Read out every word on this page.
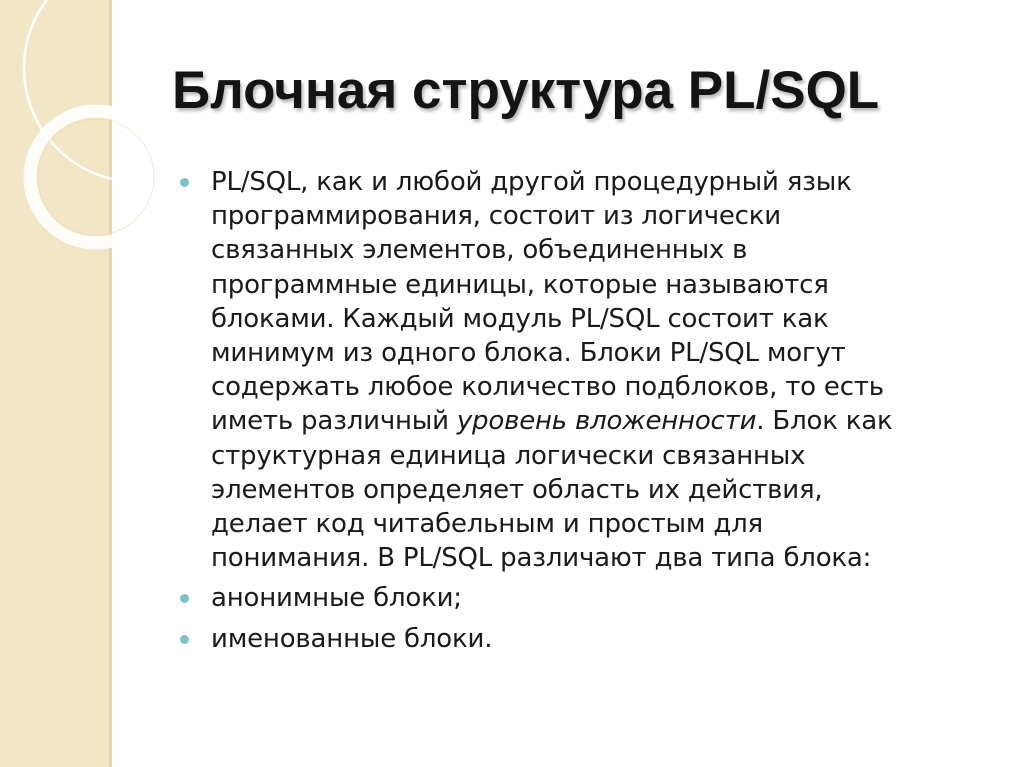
Блочная структура PL/SQL
PL/SQL, как и любой другой процедурный язык
программирования, состоит из логически
связанных элементов, объединенных в
программные единицы, которые называются
блоками. Каждый модуль PL/SQL состоит как
минимум из одного блока. Блоки PL/SQL могут
содержать любое количество подблоков, то есть
иметь различный уровень вложенности. Блок как
структурная единица логически связанных
элементов определяет область их действия,
делает код читабельным и простым для
понимания. В PL/SQL различают два типа блока:
анонимные блоки;
именованные блоки.
